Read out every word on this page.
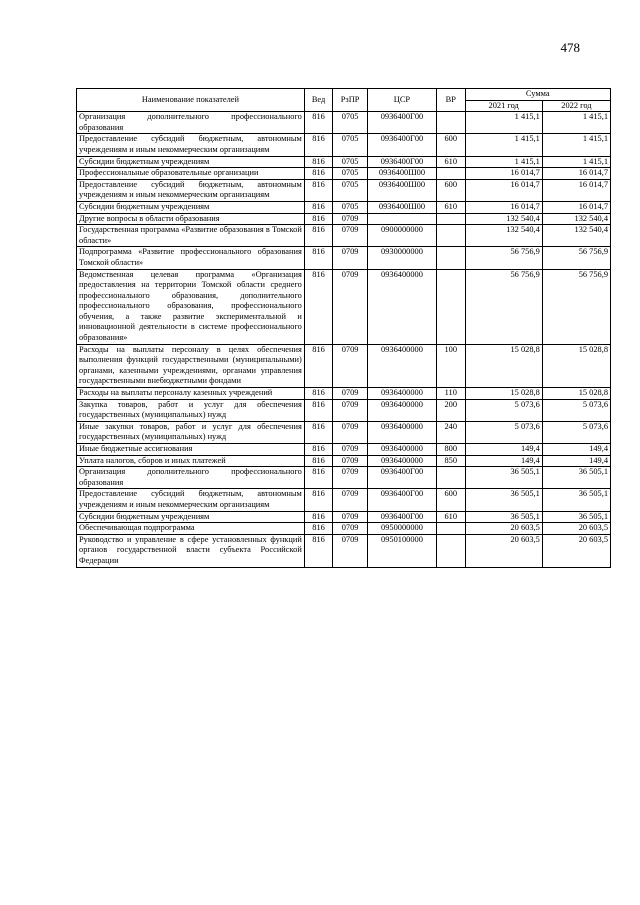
478
Наименование показателей	Вед	РзПР	ЦСР	ВР	Сумма	
					2021 год	2022 год
Организация дополнительного профессионального образования	816	0705	0936400Г00		1 415,1	1 415,1
Предоставление субсидий бюджетным, автономным учреждениям и иным некоммерческим организациям	816	0705	0936400Г00	600	1 415,1	1 415,1
Субсидии бюджетным учреждениям	816	0705	0936400Г00	610	1 415,1	1 415,1
Профессиональные образовательные организации	816	0705	0936400Ш00		16 014,7	16 014,7
Предоставление субсидий бюджетным, автономным учреждениям и иным некоммерческим организациям	816	0705	0936400Ш00	600	16 014,7	16 014,7
Субсидии бюджетным учреждениям	816	0705	0936400Ш00	610	16 014,7	16 014,7
Другие вопросы в области образования	816	0709			132 540,4	132 540,4
Государственная программа «Развитие образования в Томской области»	816	0709	0900000000		132 540,4	132 540,4
Подпрограмма «Развитие профессионального образования Томской области»	816	0709	0930000000		56 756,9	56 756,9
Ведомственная целевая программа «Организация предоставления на территории Томской области среднего профессионального образования, дополнительного профессионального образования, профессионального обучения, а также развитие экспериментальной и инновационной деятельности в системе профессионального образования»	816	0709	0936400000		56 756,9	56 756,9
Расходы на выплаты персоналу в целях обеспечения выполнения функций государственными (муниципальными) органами, казенными учреждениями, органами управления государственными внебюджетными фондами	816	0709	0936400000	100	15 028,8	15 028,8
Расходы на выплаты персоналу казенных учреждений	816	0709	0936400000	110	15 028,8	15 028,8
Закупка товаров, работ и услуг для обеспечения государственных (муниципальных) нужд	816	0709	0936400000	200	5 073,6	5 073,6
Иные закупки товаров, работ и услуг для обеспечения государственных (муниципальных) нужд	816	0709	0936400000	240	5 073,6	5 073,6
Иные бюджетные ассигнования	816	0709	0936400000	800	149,4	149,4
Уплата налогов, сборов и иных платежей	816	0709	0936400000	850	149,4	149,4
Организация дополнительного профессионального образования	816	0709	0936400Г00		36 505,1	36 505,1
Предоставление субсидий бюджетным, автономным учреждениям и иным некоммерческим организациям	816	0709	0936400Г00	600	36 505,1	36 505,1
Субсидии бюджетным учреждениям	816	0709	0936400Г00	610	36 505,1	36 505,1
Обеспечивающая подпрограмма	816	0709	0950000000		20 603,5	20 603,5
Руководство и управление в сфере установленных функций органов государственной власти субъекта Российской Федерации	816	0709	0950100000		20 603,5	20 603,5
